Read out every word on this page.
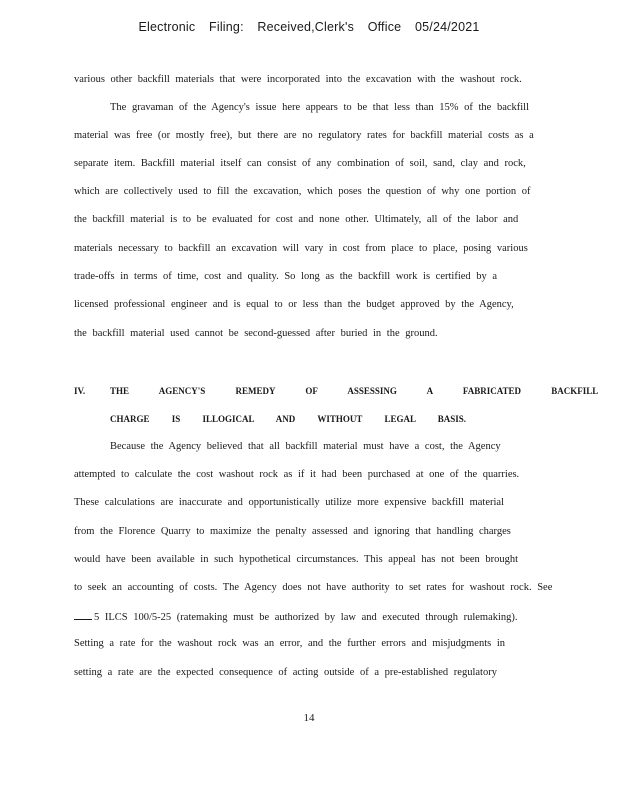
Electronic Filing: Received,Clerk's Office 05/24/2021
various other backfill materials that were incorporated into the excavation with the washout rock.
The gravaman of the Agency's issue here appears to be that less than 15% of the backfill
material was free (or mostly free), but there are no regulatory rates for backfill material costs as a
separate item. Backfill material itself can consist of any combination of soil, sand, clay and rock,
which are collectively used to fill the excavation, which poses the question of why one portion of
the backfill material is to be evaluated for cost and none other. Ultimately, all of the labor and
materials necessary to backfill an excavation will vary in cost from place to place, posing various
trade-offs in terms of time, cost and quality. So long as the backfill work is certified by a
licensed professional engineer and is equal to or less than the budget approved by the Agency,
the backfill material used cannot be second-guessed after buried in the ground.
IV.	THE AGENCY'S REMEDY OF ASSESSING A FABRICATED BACKFILL
CHARGE IS ILLOGICAL AND WITHOUT LEGAL BASIS.
Because the Agency believed that all backfill material must have a cost, the Agency
attempted to calculate the cost washout rock as if it had been purchased at one of the quarries.
These calculations are inaccurate and opportunistically utilize more expensive backfill material
from the Florence Quarry to maximize the penalty assessed and ignoring that handling charges
would have been available in such hypothetical circumstances. This appeal has not been brought
to seek an accounting of costs. The Agency does not have authority to set rates for washout rock. See
5 ILCS 100/5-25 (ratemaking must be authorized by law and executed through rulemaking).
Setting a rate for the washout rock was an error, and the further errors and misjudgments in
setting a rate are the expected consequence of acting outside of a pre-established regulatory
14
